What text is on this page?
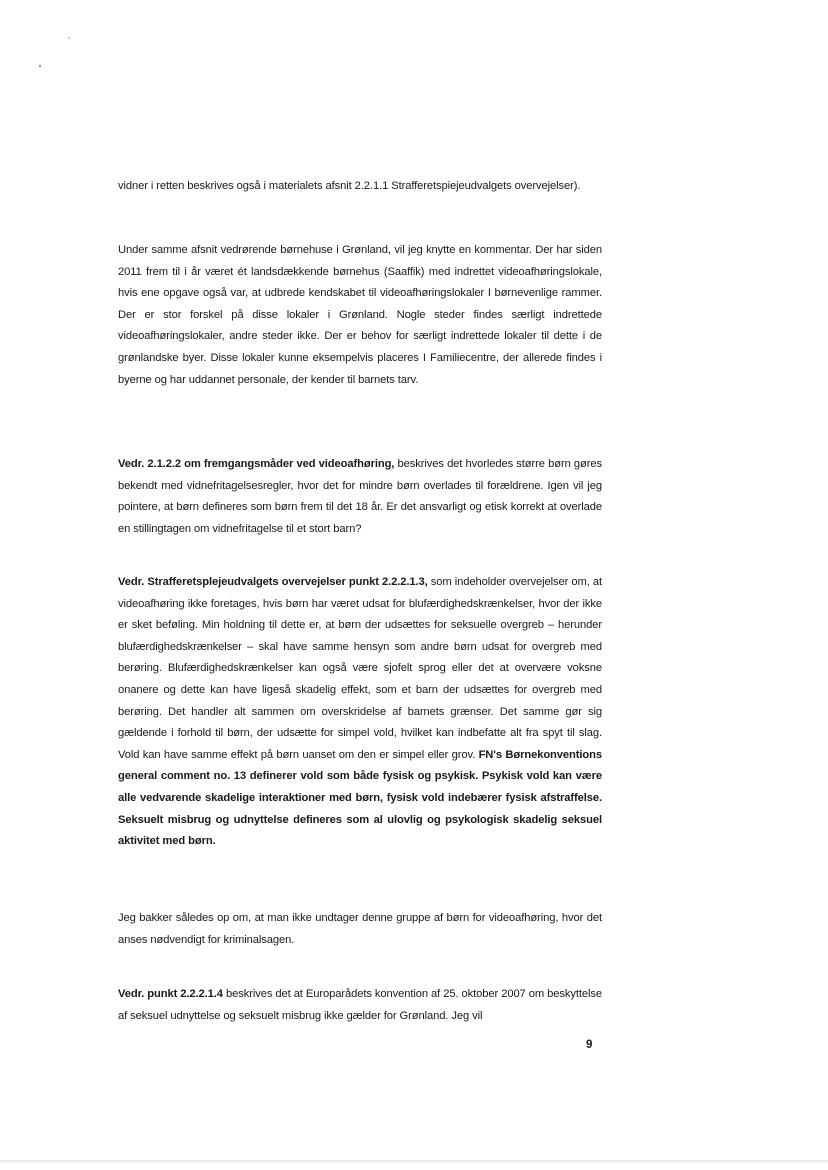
vidner i retten beskrives også i materialets afsnit 2.2.1.1 Strafferetspiejeudvalgets overvejelser).

Under samme afsnit vedrørende børnehuse i Grønland, vil jeg knytte en kommentar. Der har siden 2011 frem til i år været ét landsdækkende børnehus (Saaffik) med indrettet videoafhøringslokale, hvis ene opgave også var, at udbrede kendskabet til videoafhøringslokaler I børnevenlige rammer. Der er stor forskel på disse lokaler i Grønland. Nogle steder findes særligt indrettede videoafhøringslokaler, andre steder ikke. Der er behov for særligt indrettede lokaler til dette i de grønlandske byer. Disse lokaler kunne eksempelvis placeres I Familiecentre, der allerede findes i byerne og har uddannet personale, der kender til barnets tarv.

Vedr. 2.1.2.2 om fremgangsmåder ved videoafhøring, beskrives det hvorledes større børn gøres bekendt med vidnefritagelsesregler, hvor det for mindre børn overlades til forældrene. Igen vil jeg pointere, at børn defineres som børn frem til det 18 år. Er det ansvarligt og etisk korrekt at overlade en stillingtagen om vidnefritagelse til et stort barn?

Vedr. Strafferetsplejeudvalgets overvejelser punkt 2.2.2.1.3, som indeholder overvejelser om, at videoafhøring ikke foretages, hvis børn har været udsat for blufærdighedskrænkelser, hvor der ikke er sket beføling. Min holdning til dette er, at børn der udsættes for seksuelle overgreb – herunder blufærdighedskrænkelser – skal have samme hensyn som andre børn udsat for overgreb med berøring. Blufærdighedskrænkelser kan også være sjofelt sprog eller det at overvære voksne onanere og dette kan have ligeså skadelig effekt, som et barn der udsættes for overgreb med berøring. Det handler alt sammen om overskridelse af barnets grænser. Det samme gør sig gældende i forhold til børn, der udsætte for simpel vold, hvilket kan indbefatte alt fra spyt til slag. Vold kan have samme effekt på børn uanset om den er simpel eller grov. FN's Børnekonventions general comment no. 13 definerer vold som både fysisk og psykisk. Psykisk vold kan være alle vedvarende skadelige interaktioner med børn, fysisk vold indebærer fysisk afstraffelse. Seksuelt misbrug og udnyttelse defineres som al ulovlig og psykologisk skadelig seksuel aktivitet med børn.

Jeg bakker således op om, at man ikke undtager denne gruppe af børn for videoafhøring, hvor det anses nødvendigt for kriminalsagen.

Vedr. punkt 2.2.2.1.4 beskrives det at Europarådets konvention af 25. oktober 2007 om beskyttelse af seksuel udnyttelse og seksuelt misbrug ikke gælder for Grønland. Jeg vil

9
